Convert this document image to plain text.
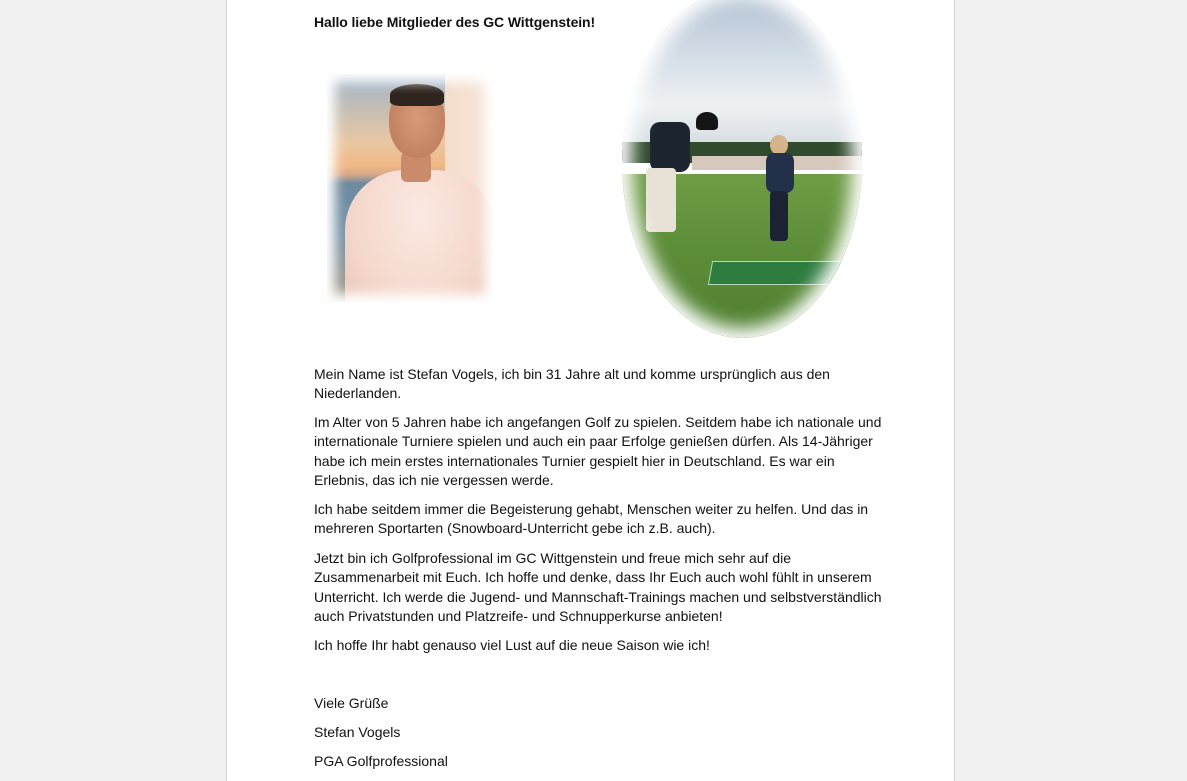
Hallo liebe Mitglieder des GC Wittgenstein!

Mein Name ist Stefan Vogels, ich bin 31 Jahre alt und komme ursprünglich aus den Niederlanden.

Im Alter von 5 Jahren habe ich angefangen Golf zu spielen. Seitdem habe ich nationale und internationale Turniere spielen und auch ein paar Erfolge genießen dürfen. Als 14-Jähriger habe ich mein erstes internationales Turnier gespielt hier in Deutschland. Es war ein Erlebnis, das ich nie vergessen werde.

Ich habe seitdem immer die Begeisterung gehabt, Menschen weiter zu helfen. Und das in mehreren Sportarten (Snowboard-Unterricht gebe ich z.B. auch).

Jetzt bin ich Golfprofessional im GC Wittgenstein und freue mich sehr auf die Zusammenarbeit mit Euch. Ich hoffe und denke, dass Ihr Euch auch wohl fühlt in unserem Unterricht. Ich werde die Jugend- und Mannschaft-Trainings machen und selbstverständlich auch Privatstunden und Platzreife- und Schnupperkurse anbieten!

Ich hoffe Ihr habt genauso viel Lust auf die neue Saison wie ich!

Viele Grüße

Stefan Vogels

PGA Golfprofessional
